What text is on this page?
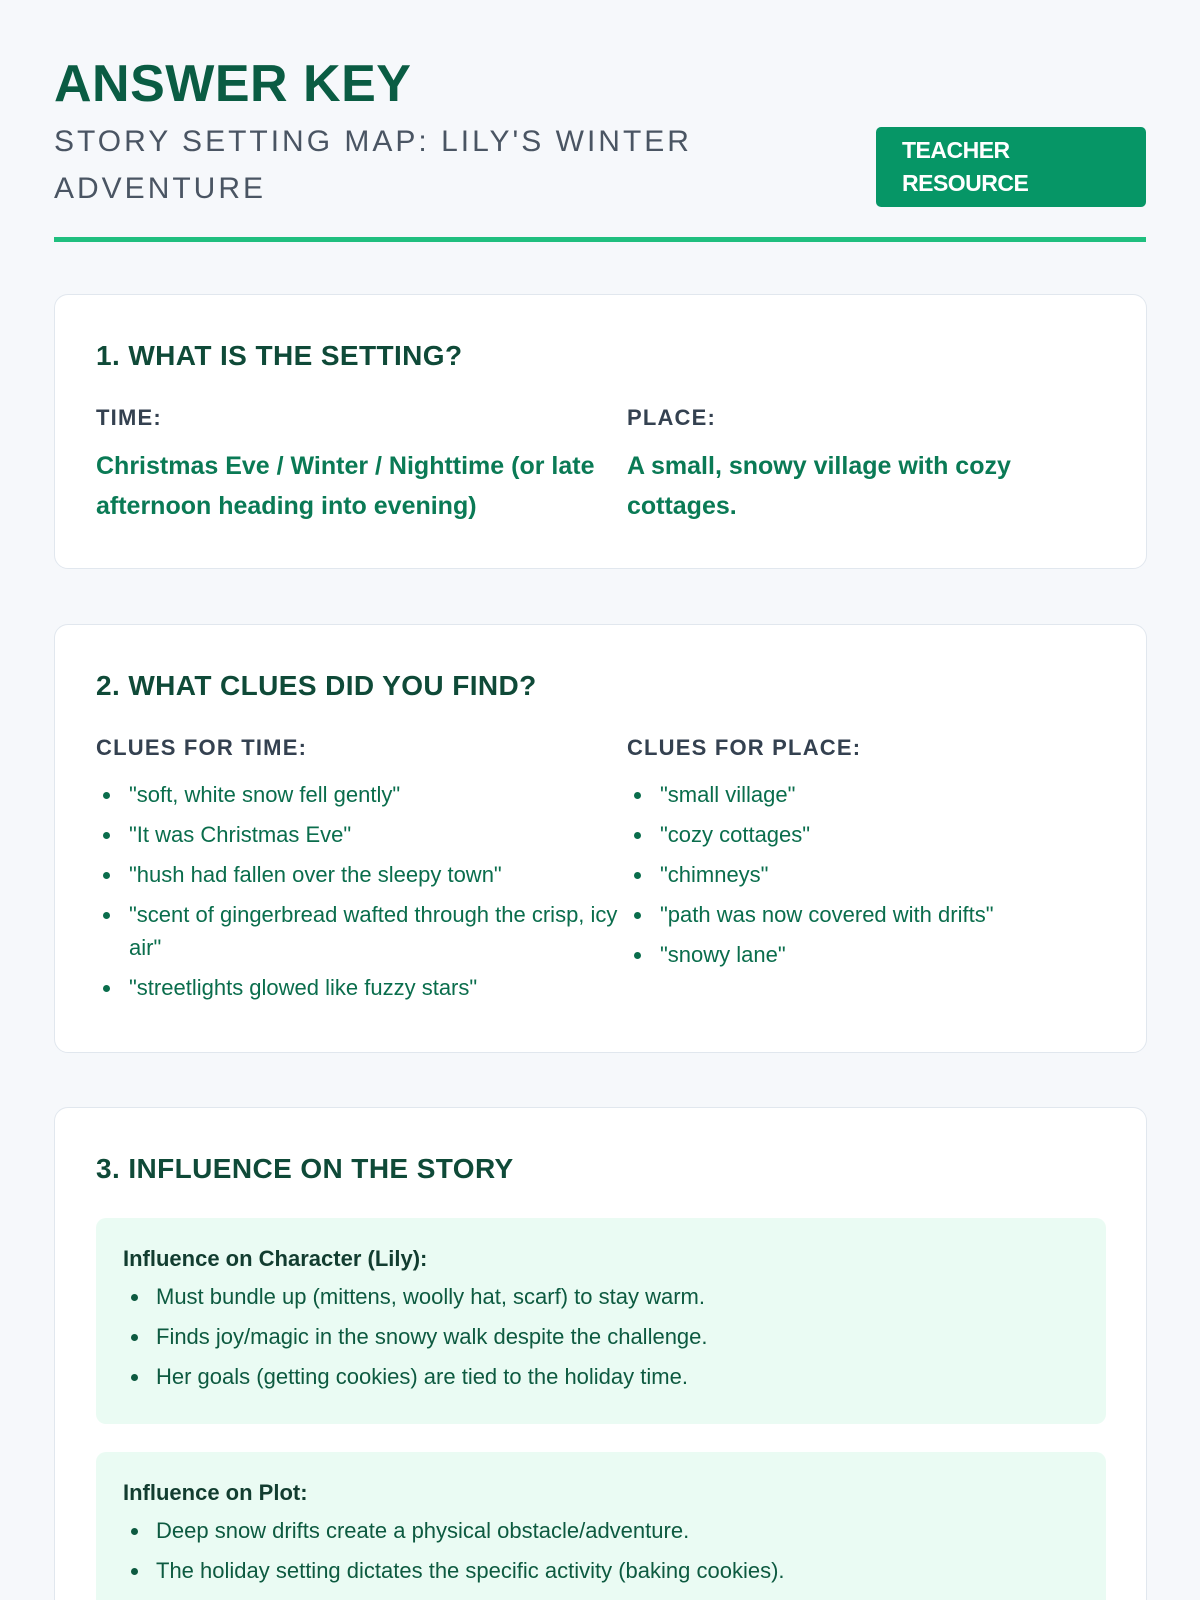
ANSWER KEY
STORY SETTING MAP: LILY'S WINTER ADVENTURE
TEACHER RESOURCE
1. WHAT IS THE SETTING?
TIME:
Christmas Eve / Winter / Nighttime (or late afternoon heading into evening)
PLACE:
A small, snowy village with cozy cottages.
2. WHAT CLUES DID YOU FIND?
CLUES FOR TIME:
"soft, white snow fell gently"
"It was Christmas Eve"
"hush had fallen over the sleepy town"
"scent of gingerbread wafted through the crisp, icy air"
"streetlights glowed like fuzzy stars"
CLUES FOR PLACE:
"small village"
"cozy cottages"
"chimneys"
"path was now covered with drifts"
"snowy lane"
3. INFLUENCE ON THE STORY
Influence on Character (Lily):
Must bundle up (mittens, woolly hat, scarf) to stay warm.
Finds joy/magic in the snowy walk despite the challenge.
Her goals (getting cookies) are tied to the holiday time.
Influence on Plot:
Deep snow drifts create a physical obstacle/adventure.
The holiday setting dictates the specific activity (baking cookies).
